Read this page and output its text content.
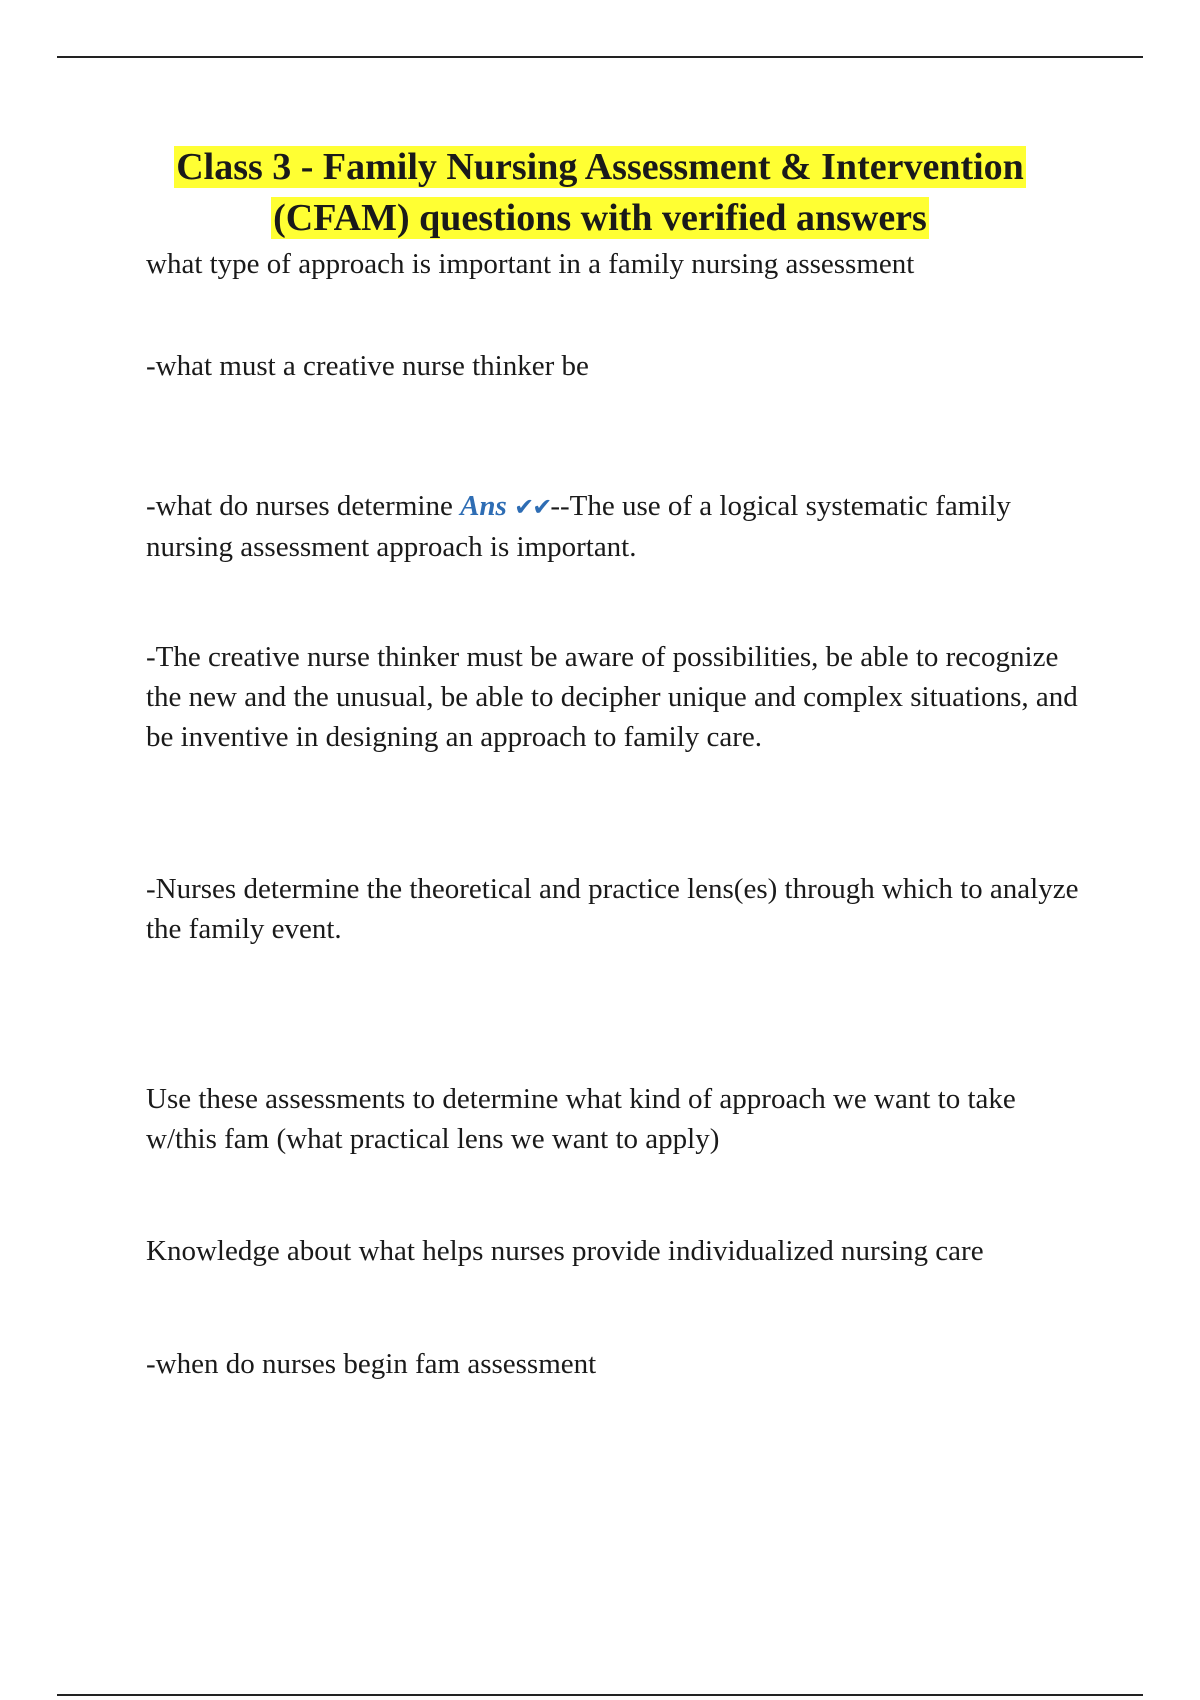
Class 3 - Family Nursing Assessment & Intervention
(CFAM) questions with verified answers

what type of approach is important in a family nursing assessment

-what must a creative nurse thinker be

-what do nurses determine Ans ✔✔--The use of a logical systematic family nursing assessment approach is important.

-The creative nurse thinker must be aware of possibilities, be able to recognize the new and the unusual, be able to decipher unique and complex situations, and be inventive in designing an approach to family care.

-Nurses determine the theoretical and practice lens(es) through which to analyze the family event.

Use these assessments to determine what kind of approach we want to take w/this fam (what practical lens we want to apply)

Knowledge about what helps nurses provide individualized nursing care

-when do nurses begin fam assessment
